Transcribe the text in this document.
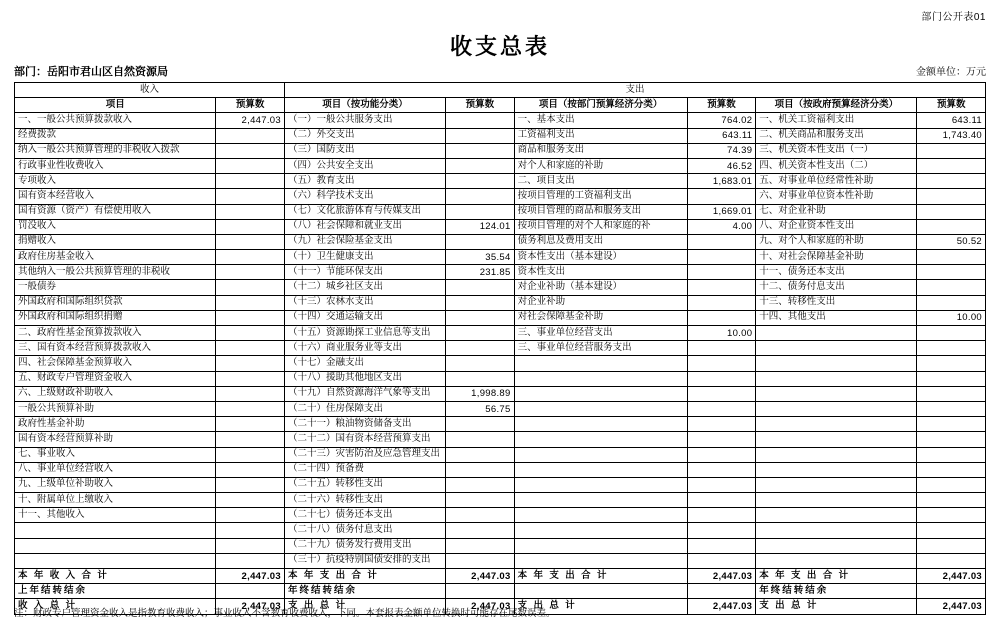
部门公开表01
收支总表
部门：岳阳市君山区自然资源局	金额单位：万元
收入		支出					
项目	预算数	项目（按功能分类）	预算数	项目（按部门预算经济分类）	预算数	项目（按政府预算经济分类）	预算数
一、一般公共预算拨款收入	2,447.03	（一）一般公共服务支出		一、基本支出	764.02	一、机关工资福利支出	643.11
经费拨款		（二）外交支出		工资福利支出	643.11	二、机关商品和服务支出	1,743.40
纳入一般公共预算管理的非税收入拨款		（三）国防支出		商品和服务支出	74.39	三、机关资本性支出（一）	
行政事业性收费收入		（四）公共安全支出		对个人和家庭的补助	46.52	四、机关资本性支出（二）	
专项收入		（五）教育支出		二、项目支出	1,683.01	五、对事业单位经常性补助	
国有资本经营收入		（六）科学技术支出		按项目管理的工资福利支出		六、对事业单位资本性补助	
国有资源（资产）有偿使用收入		（七）文化旅游体育与传媒支出		按项目管理的商品和服务支出	1,669.01	七、对企业补助	
罚没收入		（八）社会保障和就业支出	124.01	按项目管理的对个人和家庭的补	4.00	八、对企业资本性支出	
捐赠收入		（九）社会保险基金支出		债务利息及费用支出		九、对个人和家庭的补助	50.52
政府住房基金收入		（十）卫生健康支出	35.54	资本性支出（基本建设）		十、对社会保障基金补助	
其他纳入一般公共预算管理的非税收		（十一）节能环保支出	231.85	资本性支出		十一、债务还本支出	
一般债券		（十二）城乡社区支出		对企业补助（基本建设）		十二、债务付息支出	
外国政府和国际组织贷款		（十三）农林水支出		对企业补助		十三、转移性支出	
外国政府和国际组织捐赠		（十四）交通运输支出		对社会保障基金补助		十四、其他支出	10.00
二、政府性基金预算拨款收入		（十五）资源勘探工业信息等支出		三、事业单位经营支出	10.00		
三、国有资本经营预算拨款收入		（十六）商业服务业等支出		三、事业单位经营服务支出			
四、社会保障基金预算收入		（十七）金融支出					
五、财政专户管理资金收入		（十八）援助其他地区支出					
六、上级财政补助收入		（十九）自然资源海洋气象等支出	1,998.89				
一般公共预算补助		（二十）住房保障支出	56.75				
政府性基金补助		（二十一）粮油物资储备支出					
国有资本经营预算补助		（二十二）国有资本经营预算支出					
七、事业收入		（二十三）灾害防治及应急管理支出					
八、事业单位经营收入		（二十四）预备费					
九、上级单位补助收入		（二十五）转移性支出					
十、附属单位上缴收入		（二十六）转移性支出					
十一、其他收入		（二十七）债务还本支出					
		（二十八）债务付息支出					
		（二十九）债务发行费用支出					
		（三十）抗疫特别国债安排的支出					
本 年 收 入 合 计	2,447.03	本 年 支 出 合 计	2,447.03	本 年 支 出 合 计	2,447.03	本 年 支 出 合 计	2,447.03
上年结转结余		年终结转结余				年终结转结余	
收 入 总 计	2,447.03	支 出 总 计	2,447.03	支 出 总 计	2,447.03	支 出 总 计	2,447.03
注：财政专户管理资金收入是指教育收费收入；事业收入不含教育收费收入，下同。本套报表金额单位转换时可能存在尾数误差。
